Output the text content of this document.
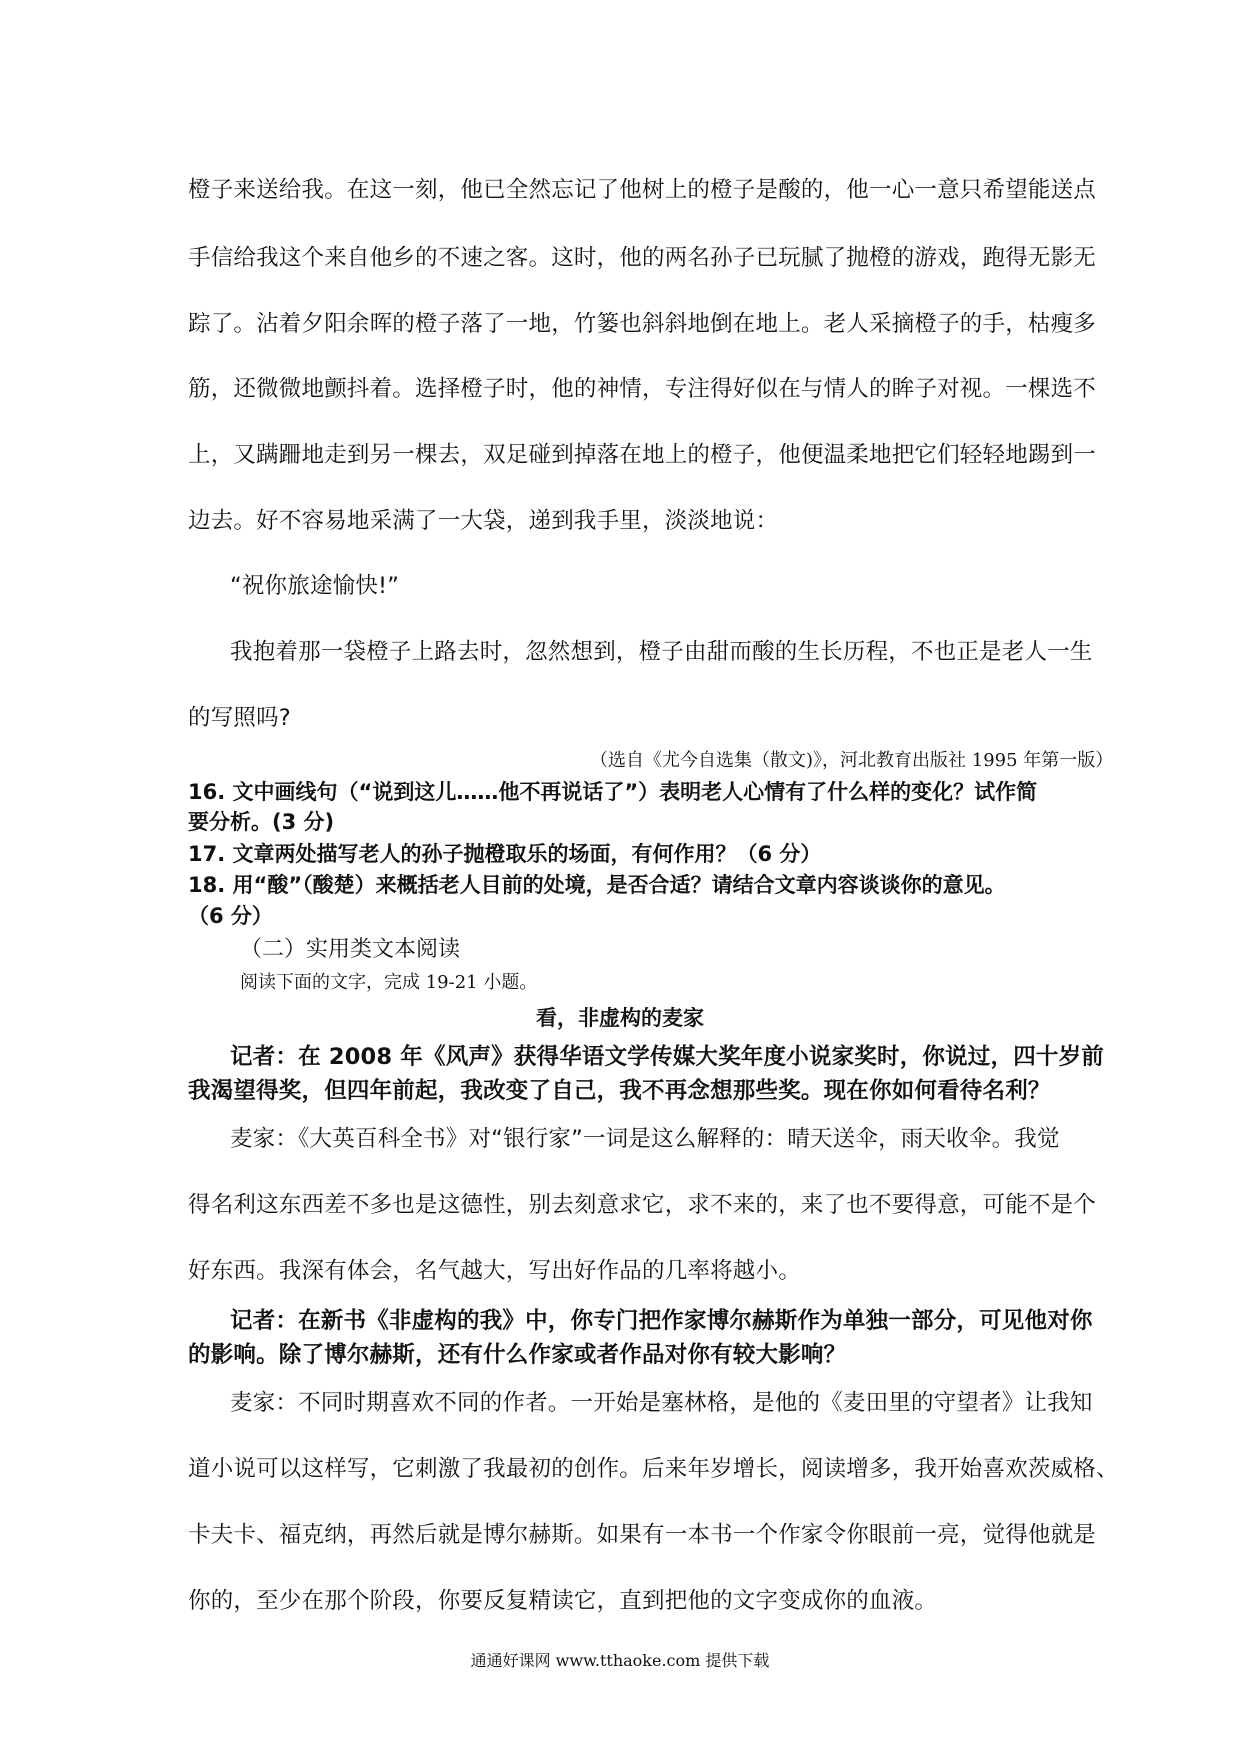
橙子来送给我。在这一刻，他已全然忘记了他树上的橙子是酸的，他一心一意只希望能送点
手信给我这个来自他乡的不速之客。这时，他的两名孙子已玩腻了抛橙的游戏，跑得无影无
踪了。沾着夕阳余晖的橙子落了一地，竹篓也斜斜地倒在地上。老人采摘橙子的手，枯瘦多
筋，还微微地颤抖着。选择橙子时，他的神情，专注得好似在与情人的眸子对视。一棵选不
上，又蹒跚地走到另一棵去，双足碰到掉落在地上的橙子，他便温柔地把它们轻轻地踢到一
边去。好不容易地采满了一大袋，递到我手里，淡淡地说：
“祝你旅途愉快!”
我抱着那一袋橙子上路去时，忽然想到，橙子由甜而酸的生长历程，不也正是老人一生
的写照吗?
（选自《尤今自选集（散文)》，河北教育出版社 1995 年第一版）
16. 文中画线句（“说到这儿……他不再说话了”）表明老人心情有了什么样的变化？试作简
要分析。(3 分)
17. 文章两处描写老人的孙子抛橙取乐的场面，有何作用？（6 分）
18. 用“酸”（酸楚）来概括老人目前的处境，是否合适？请结合文章内容谈谈你的意见。
（6 分）
（二）实用类文本阅读
阅读下面的文字，完成 19-21 小题。
看，非虚构的麦家
记者：在 2008 年《风声》获得华语文学传媒大奖年度小说家奖时，你说过，四十岁前
我渴望得奖，但四年前起，我改变了自己，我不再念想那些奖。现在你如何看待名利？
麦家：《大英百科全书》对“银行家”一词是这么解释的：晴天送伞，雨天收伞。我觉
得名利这东西差不多也是这德性，别去刻意求它，求不来的，来了也不要得意，可能不是个
好东西。我深有体会，名气越大，写出好作品的几率将越小。
记者：在新书《非虚构的我》中，你专门把作家博尔赫斯作为单独一部分，可见他对你
的影响。除了博尔赫斯，还有什么作家或者作品对你有较大影响？
麦家：不同时期喜欢不同的作者。一开始是塞林格，是他的《麦田里的守望者》让我知
道小说可以这样写，它刺激了我最初的创作。后来年岁增长，阅读增多，我开始喜欢茨威格、
卡夫卡、福克纳，再然后就是博尔赫斯。如果有一本书一个作家令你眼前一亮，觉得他就是
你的，至少在那个阶段，你要反复精读它，直到把他的文字变成你的血液。
通通好课网 www.tthaoke.com 提供下载
